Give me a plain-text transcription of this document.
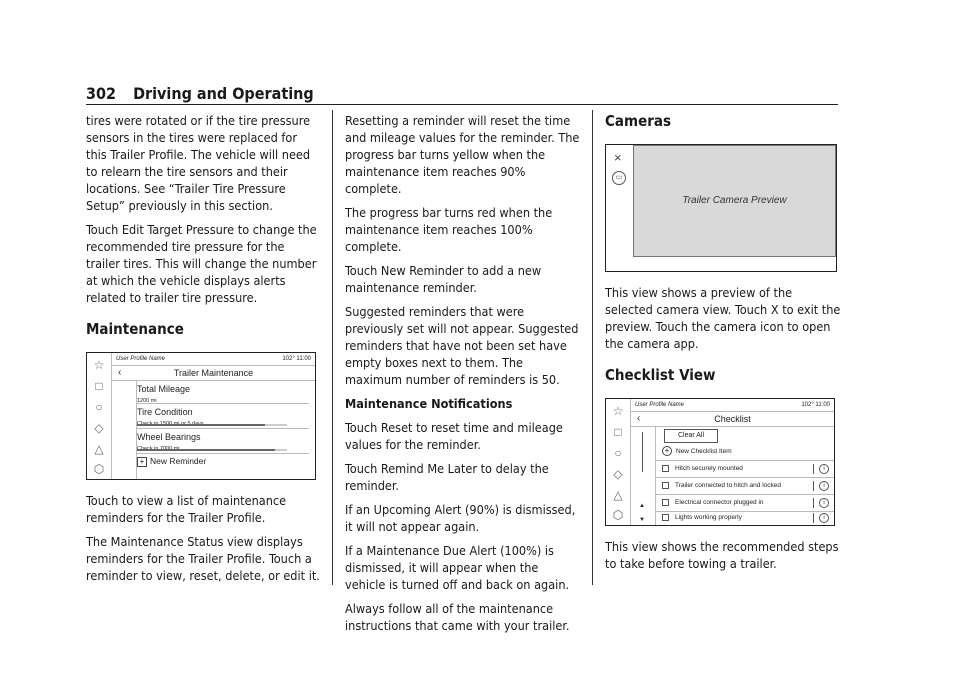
302 Driving and Operating

tires were rotated or if the tire pressure sensors in the tires were replaced for this Trailer Profile. The vehicle will need to relearn the tire sensors and their locations. See “Trailer Tire Pressure Setup” previously in this section.

Touch Edit Target Pressure to change the recommended tire pressure for the trailer tires. This will change the number at which the vehicle displays alerts related to trailer tire pressure.

Maintenance
☆
□
○
◇
△
⬡
User Profile Name	102° 11:00
‹	Trailer Maintenance
Total Mileage
1200 mi
Tire Condition
Wheel Bearings
+ New Reminder

Touch to view a list of maintenance reminders for the Trailer Profile.

The Maintenance Status view displays reminders for the Trailer Profile. Touch a reminder to view, reset, delete, or edit it.

Resetting a reminder will reset the time and mileage values for the reminder. The progress bar turns yellow when the maintenance item reaches 90% complete.

The progress bar turns red when the maintenance item reaches 100% complete.

Touch New Reminder to add a new maintenance reminder.

Suggested reminders that were previously set will not appear. Suggested reminders that have not been set have empty boxes next to them. The maximum number of reminders is 50.

Maintenance Notifications

Touch Reset to reset time and mileage values for the reminder.

Touch Remind Me Later to delay the reminder.

If an Upcoming Alert (90%) is dismissed, it will not appear again.

If a Maintenance Due Alert (100%) is dismissed, it will appear when the vehicle is turned off and back on again.

Always follow all of the maintenance instructions that came with your trailer.

Cameras
×
▭
Trailer Camera Preview

This view shows a preview of the selected camera view. Touch X to exit the preview. Touch the camera icon to open the camera app.

Checklist View
☆
□
○
◇
△
⬡
User Profile Name	102° 11:00
‹	Checklist
▲
▼
Clear All
+ New Checklist Item
Hitch securely mounted	i
Trailer connected to hitch and locked	i
Electrical connector plugged in	i
Lights working properly	i

This view shows the recommended steps to take before towing a trailer.
